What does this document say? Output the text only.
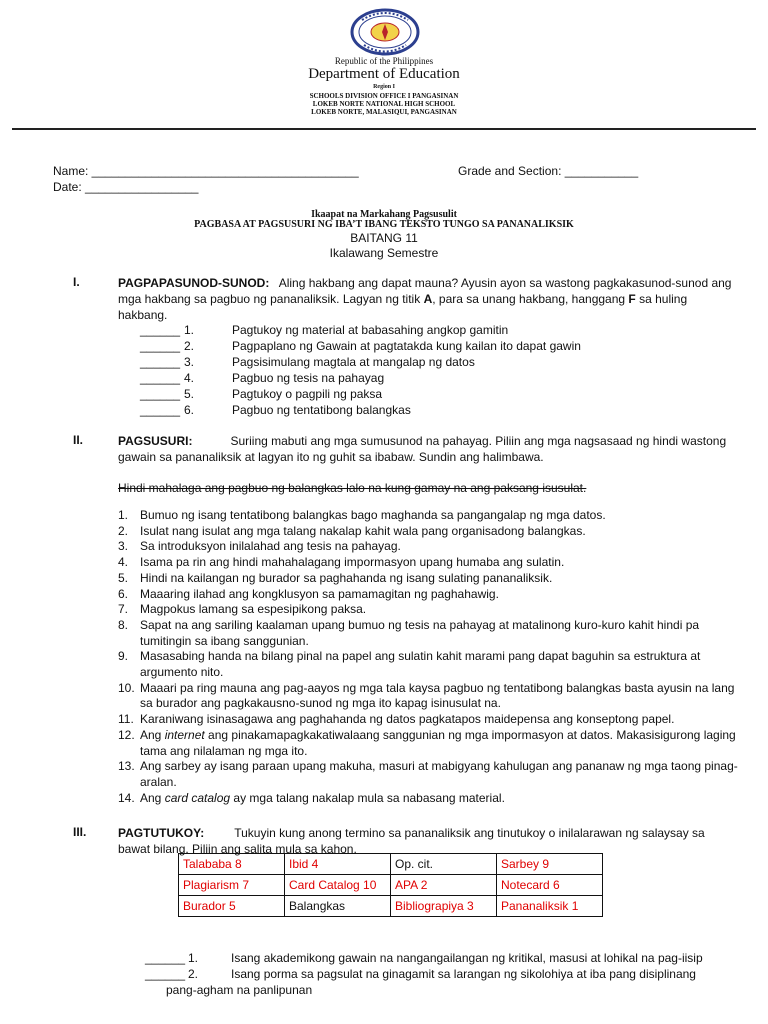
Republic of the Philippines
Department of Education
Region I
SCHOOLS DIVISION OFFICE I PANGASINAN
LOKEB NORTE NATIONAL HIGH SCHOOL
LOKEB NORTE, MALASIQUI, PANGASINAN
Name: ________________________________________	Grade and Section: ___________
Date: _________________
Ikaapat na Markahang Pagsusulit
PAGBASA AT PAGSUSURI NG IBA’T IBANG TEKSTO TUNGO SA PANANALIKSIK
BAITANG 11
Ikalawang Semestre
I.	PAGPAPASUNOD-SUNOD: Aling hakbang ang dapat mauna? Ayusin ayon sa wastong pagkakasunod-sunod ang mga hakbang sa pagbuo ng pananaliksik. Lagyan ng titik A, para sa unang hakbang, hanggang F sa huling hakbang.
______ 1.	Pagtukoy ng material at babasahing angkop gamitin
______ 2.	Pagpaplano ng Gawain at pagtatakda kung kailan ito dapat gawin
______ 3.	Pagsisimulang magtala at mangalap ng datos
______ 4.	Pagbuo ng tesis na pahayag
______ 5.	Pagtukoy o pagpili ng paksa
______ 6.	Pagbuo ng tentatibong balangkas
II.	PAGSUSURI:	Suriing mabuti ang mga sumusunod na pahayag. Piliin ang mga nagsasaad ng hindi wastong gawain sa pananaliksik at lagyan ito ng guhit sa ibabaw. Sundin ang halimbawa.
Hindi mahalaga ang pagbuo ng balangkas lalo na kung gamay na ang paksang isusulat.
1. Bumuo ng isang tentatibong balangkas bago maghanda sa pangangalap ng mga datos.
2. Isulat nang isulat ang mga talang nakalap kahit wala pang organisadong balangkas.
3. Sa introduksyon inilalahad ang tesis na pahayag.
4. Isama pa rin ang hindi mahahalagang impormasyon upang humaba ang sulatin.
5. Hindi na kailangan ng burador sa paghahanda ng isang sulating pananaliksik.
6. Maaaring ilahad ang kongklusyon sa pamamagitan ng paghahawig.
7. Magpokus lamang sa espesipikong paksa.
8. Sapat na ang sariling kaalaman upang bumuo ng tesis na pahayag at matalinong kuro-kuro kahit hindi pa tumitingin sa ibang sanggunian.
9. Masasabing handa na bilang pinal na papel ang sulatin kahit marami pang dapat baguhin sa estruktura at argumento nito.
10. Maaari pa ring mauna ang pag-aayos ng mga tala kaysa pagbuo ng tentatibong balangkas basta ayusin na lang sa burador ang pagkakausno-sunod ng mga ito kapag isinusulat na.
11. Karaniwang isinasagawa ang paghahanda ng datos pagkatapos maidepensa ang konseptong papel.
12. Ang internet ang pinakamapagkakatiwalaang sanggunian ng mga impormasyon at datos. Makasisigurong laging tama ang nilalaman ng mga ito.
13. Ang sarbey ay isang paraan upang makuha, masuri at mabigyang kahulugan ang pananaw ng mga taong pinag-aralan.
14. Ang card catalog ay mga talang nakalap mula sa nabasang material.
III.	PAGTUTUKOY:	Tukuyin kung anong termino sa pananaliksik ang tinutukoy o inilalarawan ng salaysay sa bawat bilang. Piliin ang salita mula sa kahon.
Talababa 8	Ibid 4	Op. cit.	Sarbey 9
Plagiarism 7	Card Catalog 10	APA 2	Notecard 6
Burador 5	Balangkas	Bibliograpiya 3	Pananaliksik 1
______ 1.	Isang akademikong gawain na nangangailangan ng kritikal, masusi at lohikal na pag-iisip
______ 2.	Isang porma sa pagsulat na ginagamit sa larangan ng sikolohiya at iba pang disiplinang
pang-agham na panlipunan
